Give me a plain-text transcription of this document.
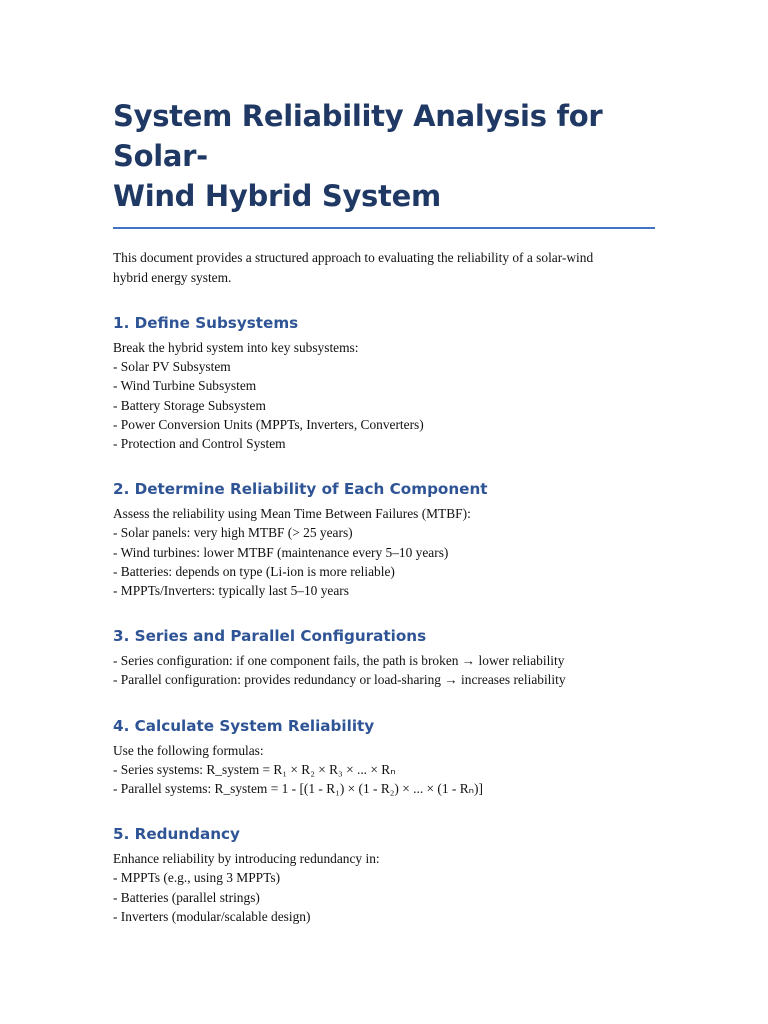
System Reliability Analysis for Solar-
Wind Hybrid System

This document provides a structured approach to evaluating the reliability of a solar-wind
hybrid energy system.

1. Define Subsystems

Break the hybrid system into key subsystems:

- Solar PV Subsystem
- Wind Turbine Subsystem
- Battery Storage Subsystem
- Power Conversion Units (MPPTs, Inverters, Converters)
- Protection and Control System
2. Determine Reliability of Each Component

Assess the reliability using Mean Time Between Failures (MTBF):

- Solar panels: very high MTBF (> 25 years)
- Wind turbines: lower MTBF (maintenance every 5–10 years)
- Batteries: depends on type (Li-ion is more reliable)
- MPPTs/Inverters: typically last 5–10 years
3. Series and Parallel Configurations
- Series configuration: if one component fails, the path is broken → lower reliability
- Parallel configuration: provides redundancy or load-sharing → increases reliability
4. Calculate System Reliability

Use the following formulas:

- Series systems: R_system = R₁ × R₂ × R₃ × ... × Rₙ
- Parallel systems: R_system = 1 - [(1 - R₁) × (1 - R₂) × ... × (1 - Rₙ)]
5. Redundancy

Enhance reliability by introducing redundancy in:

- MPPTs (e.g., using 3 MPPTs)
- Batteries (parallel strings)
- Inverters (modular/scalable design)
